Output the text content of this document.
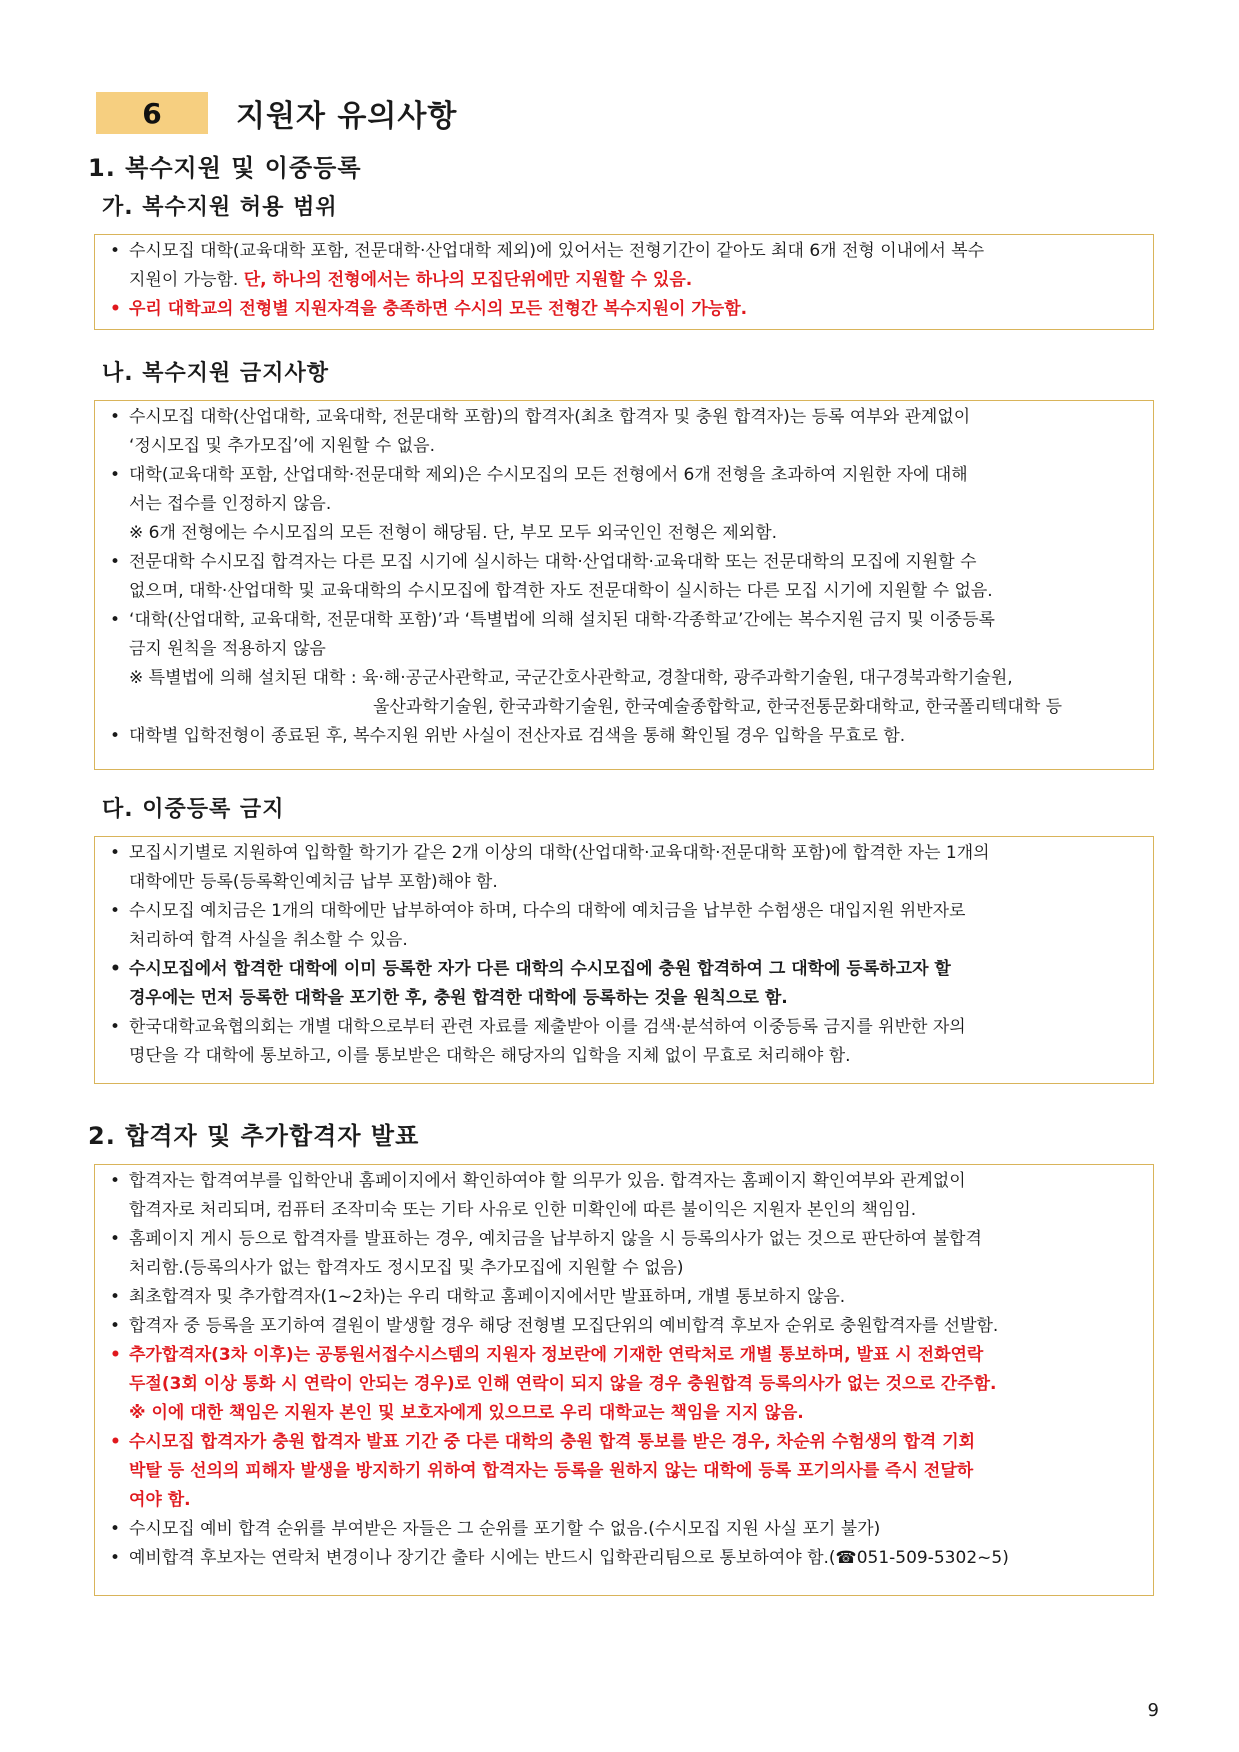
6	지원자 유의사항
1. 복수지원 및 이중등록
가. 복수지원 허용 범위
• 수시모집 대학(교육대학 포함, 전문대학·산업대학 제외)에 있어서는 전형기간이 같아도 최대 6개 전형 이내에서 복수
지원이 가능함. 단, 하나의 전형에서는 하나의 모집단위에만 지원할 수 있음.
• 우리 대학교의 전형별 지원자격을 충족하면 수시의 모든 전형간 복수지원이 가능함.
나. 복수지원 금지사항
• 수시모집 대학(산업대학, 교육대학, 전문대학 포함)의 합격자(최초 합격자 및 충원 합격자)는 등록 여부와 관계없이
‘정시모집 및 추가모집’에 지원할 수 없음.
• 대학(교육대학 포함, 산업대학·전문대학 제외)은 수시모집의 모든 전형에서 6개 전형을 초과하여 지원한 자에 대해
서는 접수를 인정하지 않음.
※ 6개 전형에는 수시모집의 모든 전형이 해당됨. 단, 부모 모두 외국인인 전형은 제외함.
• 전문대학 수시모집 합격자는 다른 모집 시기에 실시하는 대학·산업대학·교육대학 또는 전문대학의 모집에 지원할 수
없으며, 대학·산업대학 및 교육대학의 수시모집에 합격한 자도 전문대학이 실시하는 다른 모집 시기에 지원할 수 없음.
• ‘대학(산업대학, 교육대학, 전문대학 포함)’과 ‘특별법에 의해 설치된 대학·각종학교’간에는 복수지원 금지 및 이중등록
금지 원칙을 적용하지 않음
※ 특별법에 의해 설치된 대학 : 육·해·공군사관학교, 국군간호사관학교, 경찰대학, 광주과학기술원, 대구경북과학기술원,
울산과학기술원, 한국과학기술원, 한국예술종합학교, 한국전통문화대학교, 한국폴리텍대학 등
• 대학별 입학전형이 종료된 후, 복수지원 위반 사실이 전산자료 검색을 통해 확인될 경우 입학을 무효로 함.
다. 이중등록 금지
• 모집시기별로 지원하여 입학할 학기가 같은 2개 이상의 대학(산업대학·교육대학·전문대학 포함)에 합격한 자는 1개의
대학에만 등록(등록확인예치금 납부 포함)해야 함.
• 수시모집 예치금은 1개의 대학에만 납부하여야 하며, 다수의 대학에 예치금을 납부한 수험생은 대입지원 위반자로
처리하여 합격 사실을 취소할 수 있음.
• 수시모집에서 합격한 대학에 이미 등록한 자가 다른 대학의 수시모집에 충원 합격하여 그 대학에 등록하고자 할
경우에는 먼저 등록한 대학을 포기한 후, 충원 합격한 대학에 등록하는 것을 원칙으로 함.
• 한국대학교육협의회는 개별 대학으로부터 관련 자료를 제출받아 이를 검색·분석하여 이중등록 금지를 위반한 자의
명단을 각 대학에 통보하고, 이를 통보받은 대학은 해당자의 입학을 지체 없이 무효로 처리해야 함.
2. 합격자 및 추가합격자 발표
• 합격자는 합격여부를 입학안내 홈페이지에서 확인하여야 할 의무가 있음. 합격자는 홈페이지 확인여부와 관계없이
합격자로 처리되며, 컴퓨터 조작미숙 또는 기타 사유로 인한 미확인에 따른 불이익은 지원자 본인의 책임임.
• 홈페이지 게시 등으로 합격자를 발표하는 경우, 예치금을 납부하지 않을 시 등록의사가 없는 것으로 판단하여 불합격
처리함.(등록의사가 없는 합격자도 정시모집 및 추가모집에 지원할 수 없음)
• 최초합격자 및 추가합격자(1~2차)는 우리 대학교 홈페이지에서만 발표하며, 개별 통보하지 않음.
• 합격자 중 등록을 포기하여 결원이 발생할 경우 해당 전형별 모집단위의 예비합격 후보자 순위로 충원합격자를 선발함.
• 추가합격자(3차 이후)는 공통원서접수시스템의 지원자 정보란에 기재한 연락처로 개별 통보하며, 발표 시 전화연락
두절(3회 이상 통화 시 연락이 안되는 경우)로 인해 연락이 되지 않을 경우 충원합격 등록의사가 없는 것으로 간주함.
※ 이에 대한 책임은 지원자 본인 및 보호자에게 있으므로 우리 대학교는 책임을 지지 않음.
• 수시모집 합격자가 충원 합격자 발표 기간 중 다른 대학의 충원 합격 통보를 받은 경우, 차순위 수험생의 합격 기회
박탈 등 선의의 피해자 발생을 방지하기 위하여 합격자는 등록을 원하지 않는 대학에 등록 포기의사를 즉시 전달하
여야 함.
• 수시모집 예비 합격 순위를 부여받은 자들은 그 순위를 포기할 수 없음.(수시모집 지원 사실 포기 불가)
• 예비합격 후보자는 연락처 변경이나 장기간 출타 시에는 반드시 입학관리팀으로 통보하여야 함.(☎051-509-5302~5)
9
